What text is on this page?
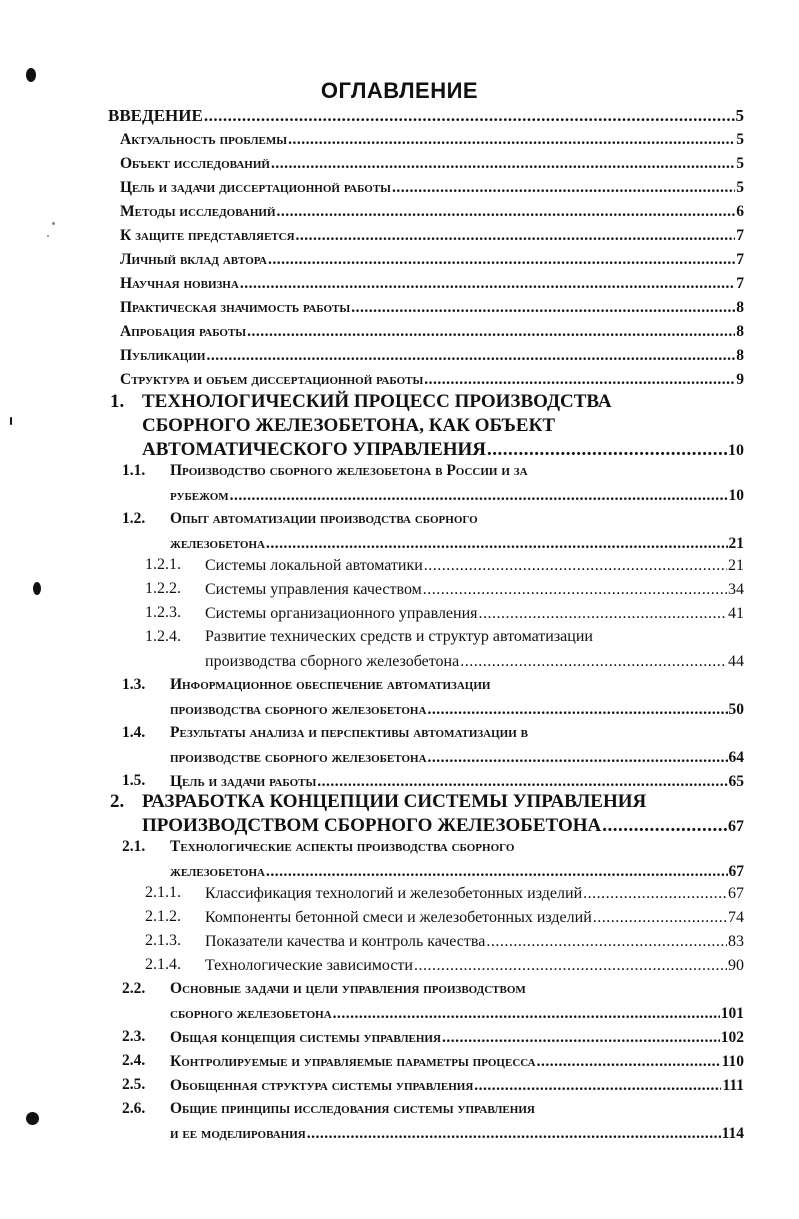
ОГЛАВЛЕНИЕ
ВВЕДЕНИЕ .....	5
Актуальность проблемы .....	5
Объект исследований .....	5
Цель и задачи диссертационной работы .....	5
Методы исследований .....	6
К защите представляется .....	7
Личный вклад автора .....	7
Научная новизна .....	7
Практическая значимость работы .....	8
Апробация работы .....	8
Публикации .....	8
Структура и объем диссертационной работы .....	9
1. ТЕХНОЛОГИЧЕСКИЙ ПРОЦЕСС ПРОИЗВОДСТВА
СБОРНОГО ЖЕЛЕЗОБЕТОНА, КАК ОБЪЕКТ
АВТОМАТИЧЕСКОГО УПРАВЛЕНИЯ .....	10
1.1. Производство сборного железобетона в России и за
рубежом .....	10
1.2. Опыт автоматизации производства сборного
железобетона .....	21
1.2.1. Системы локальной автоматики .....	21
1.2.2. Системы управления качеством .....	34
1.2.3. Системы организационного управления .....	41
1.2.4. Развитие технических средств и структур автоматизации
производства сборного железобетона .....	44
1.3. Информационное обеспечение автоматизации
производства сборного железобетона .....	50
1.4. Результаты анализа и перспективы автоматизации в
производстве сборного железобетона .....	64
1.5. Цель и задачи работы .....	65
2. РАЗРАБОТКА КОНЦЕПЦИИ СИСТЕМЫ УПРАВЛЕНИЯ
ПРОИЗВОДСТВОМ СБОРНОГО ЖЕЛЕЗОБЕТОНА .....	67
2.1. Технологические аспекты производства сборного
железобетона .....	67
2.1.1. Классификация технологий и железобетонных изделий .....	67
2.1.2. Компоненты бетонной смеси и железобетонных изделий .....	74
2.1.3. Показатели качества и контроль качества .....	83
2.1.4. Технологические зависимости .....	90
2.2. Основные задачи и цели управления производством
сборного железобетона .....	101
2.3. Общая концепция системы управления .....	102
2.4. Контролируемые и управляемые параметры процесса .....	110
2.5. Обобщенная структура системы управления .....	111
2.6. Общие принципы исследования системы управления
и ее моделирования .....	114
